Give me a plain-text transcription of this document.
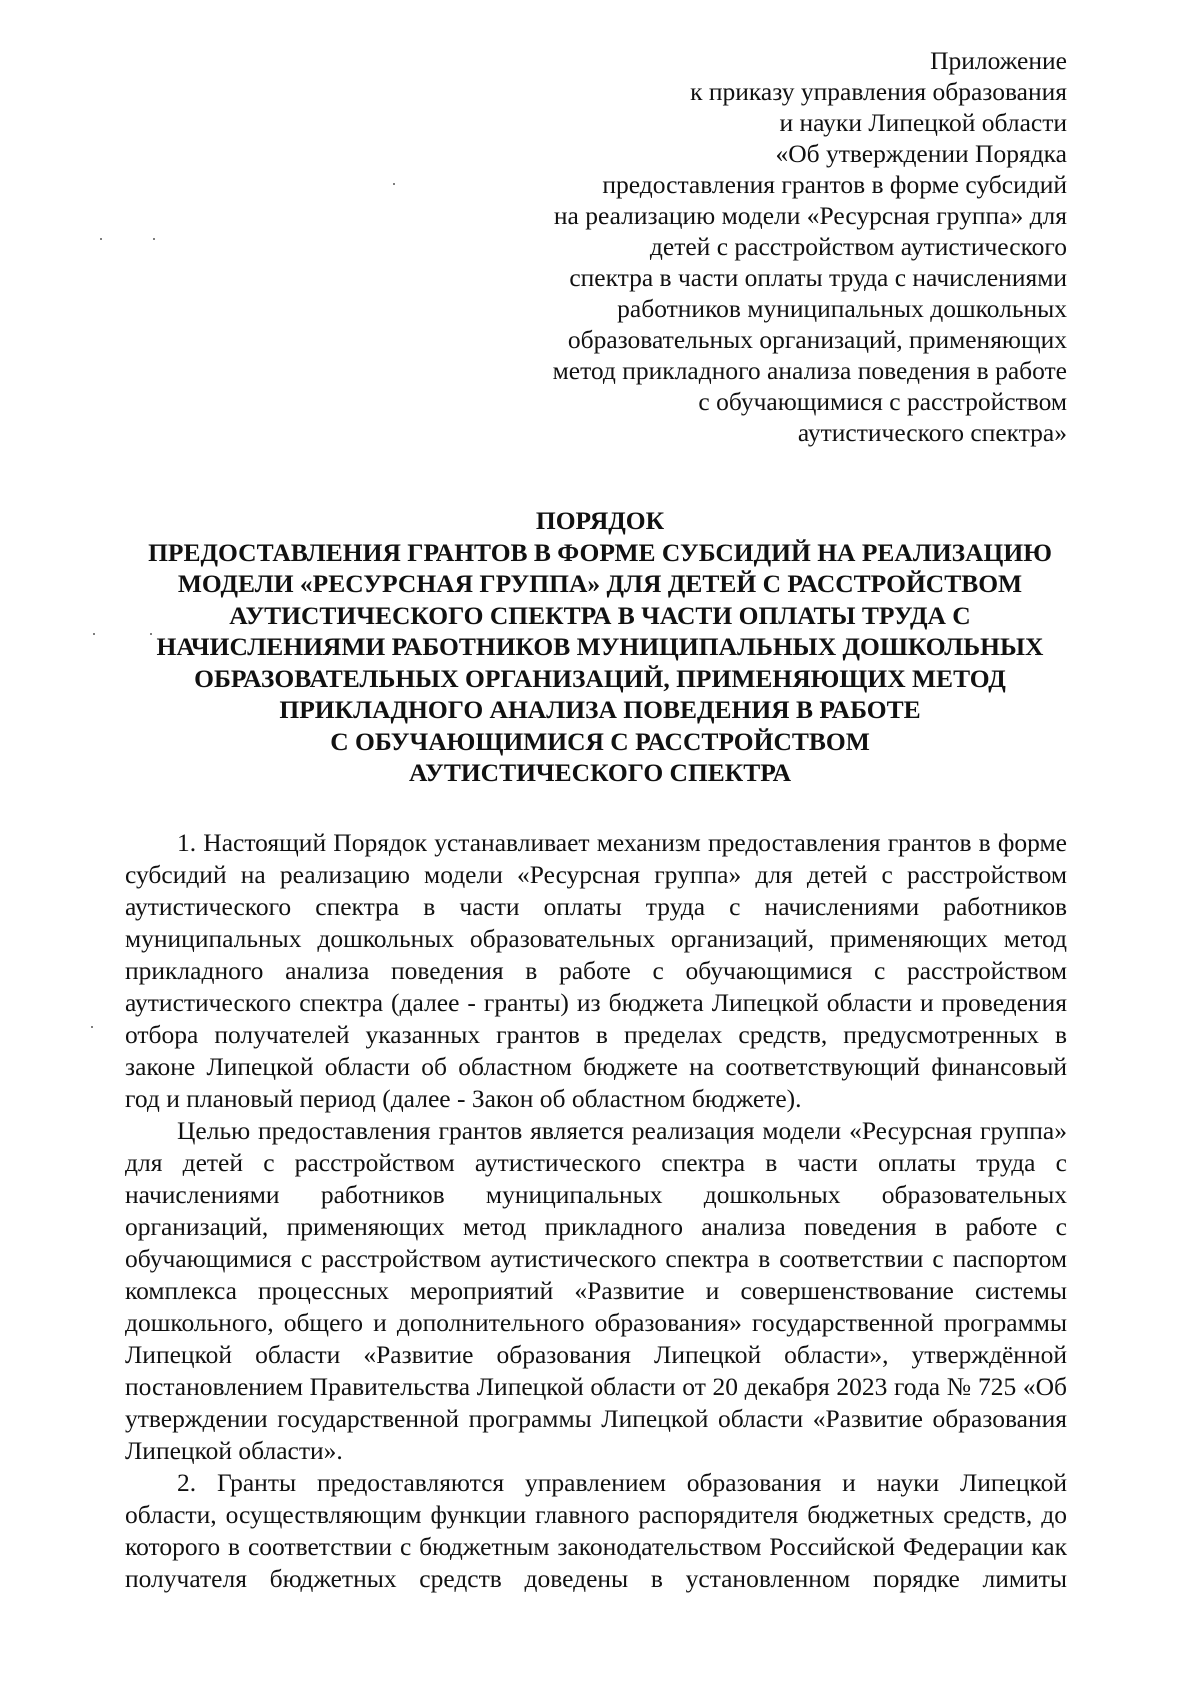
Приложение
к приказу управления образования
и науки Липецкой области
«Об утверждении Порядка
предоставления грантов в форме субсидий
на реализацию модели «Ресурсная группа» для
детей с расстройством аутистического
спектра в части оплаты труда с начислениями
работников муниципальных дошкольных
образовательных организаций, применяющих
метод прикладного анализа поведения в работе
с обучающимися с расстройством
аутистического спектра»
ПОРЯДОК
ПРЕДОСТАВЛЕНИЯ ГРАНТОВ В ФОРМЕ СУБСИДИЙ НА РЕАЛИЗАЦИЮ
МОДЕЛИ «РЕСУРСНАЯ ГРУППА» ДЛЯ ДЕТЕЙ С РАССТРОЙСТВОМ
АУТИСТИЧЕСКОГО СПЕКТРА В ЧАСТИ ОПЛАТЫ ТРУДА С
НАЧИСЛЕНИЯМИ РАБОТНИКОВ МУНИЦИПАЛЬНЫХ ДОШКОЛЬНЫХ
ОБРАЗОВАТЕЛЬНЫХ ОРГАНИЗАЦИЙ, ПРИМЕНЯЮЩИХ МЕТОД
ПРИКЛАДНОГО АНАЛИЗА ПОВЕДЕНИЯ В РАБОТЕ
С ОБУЧАЮЩИМИСЯ С РАССТРОЙСТВОМ
АУТИСТИЧЕСКОГО СПЕКТРА
1. Настоящий Порядок устанавливает механизм предоставления грантов в форме
субсидий на реализацию модели «Ресурсная группа» для детей с расстройством
аутистического спектра в части оплаты труда с начислениями работников
муниципальных дошкольных образовательных организаций, применяющих метод
прикладного анализа поведения в работе с обучающимися с расстройством
аутистического спектра (далее - гранты) из бюджета Липецкой области и проведения
отбора получателей указанных грантов в пределах средств, предусмотренных в
законе Липецкой области об областном бюджете на соответствующий финансовый
год и плановый период (далее - Закон об областном бюджете).
Целью предоставления грантов является реализация модели «Ресурсная группа»
для детей с расстройством аутистического спектра в части оплаты труда с
начислениями работников муниципальных дошкольных образовательных
организаций, применяющих метод прикладного анализа поведения в работе с
обучающимися с расстройством аутистического спектра в соответствии с паспортом
комплекса процессных мероприятий «Развитие и совершенствование системы
дошкольного, общего и дополнительного образования» государственной программы
Липецкой области «Развитие образования Липецкой области», утверждённой
постановлением Правительства Липецкой области от 20 декабря 2023 года № 725 «Об
утверждении государственной программы Липецкой области «Развитие образования
Липецкой области».
2. Гранты предоставляются управлением образования и науки Липецкой
области, осуществляющим функции главного распорядителя бюджетных средств, до
которого в соответствии с бюджетным законодательством Российской Федерации как
получателя бюджетных средств доведены в установленном порядке лимиты
